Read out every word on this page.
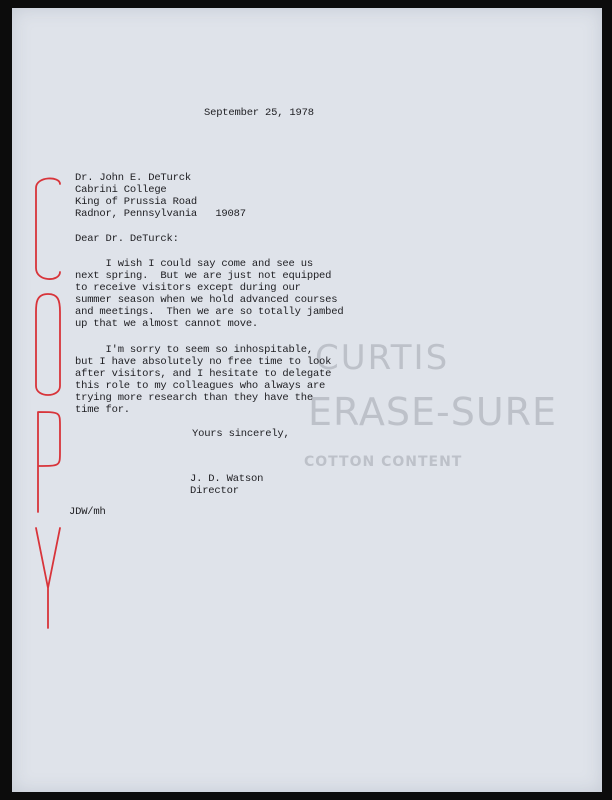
CURTIS
ERASE-SURE
COTTON CONTENT
September 25, 1978
Dr. John E. DeTurck
Cabrini College
King of Prussia Road
Radnor, Pennsylvania   19087
Dear Dr. DeTurck:
I wish I could say come and see us
next spring.  But we are just not equipped
to receive visitors except during our
summer season when we hold advanced courses
and meetings.  Then we are so totally jambed
up that we almost cannot move.
I'm sorry to seem so inhospitable,
but I have absolutely no free time to look
after visitors, and I hesitate to delegate
this role to my colleagues who always are
trying more research than they have the
time for.
Yours sincerely,
J. D. Watson
Director
JDW/mh
